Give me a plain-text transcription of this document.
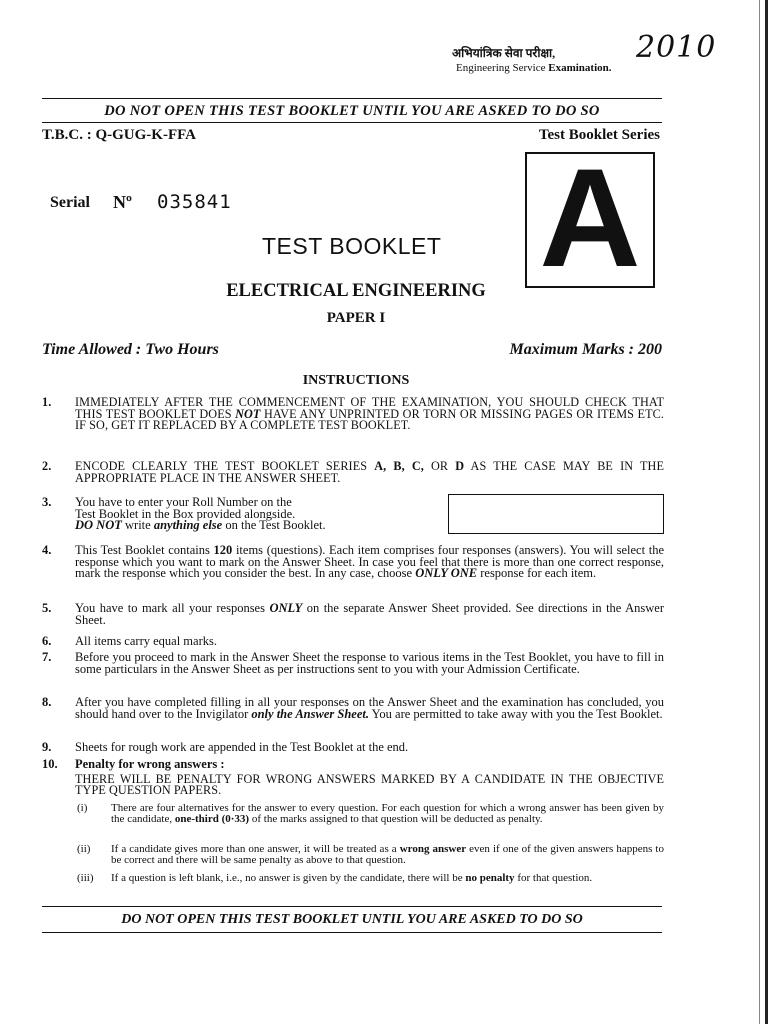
अभियांत्रिक सेवा परीक्षा,	2010
Engineering Service Examination.
DO NOT OPEN THIS TEST BOOKLET UNTIL YOU ARE ASKED TO DO SO
T.B.C. : Q-GUG-K-FFA	Test Booklet Series
A
Serial Nº 035841
TEST BOOKLET
ELECTRICAL ENGINEERING
PAPER I
Time Allowed : Two Hours	Maximum Marks : 200
INSTRUCTIONS
1. IMMEDIATELY AFTER THE COMMENCEMENT OF THE EXAMINATION, YOU SHOULD CHECK THAT THIS TEST BOOKLET DOES NOT HAVE ANY UNPRINTED OR TORN OR MISSING PAGES OR ITEMS ETC. IF SO, GET IT REPLACED BY A COMPLETE TEST BOOKLET.
2. ENCODE CLEARLY THE TEST BOOKLET SERIES A, B, C, OR D AS THE CASE MAY BE IN THE APPROPRIATE PLACE IN THE ANSWER SHEET.
3. You have to enter your Roll Number on the
Test Booklet in the Box provided alongside.
DO NOT write anything else on the Test Booklet.
4. This Test Booklet contains 120 items (questions). Each item comprises four responses (answers). You will select the response which you want to mark on the Answer Sheet. In case you feel that there is more than one correct response, mark the response which you consider the best. In any case, choose ONLY ONE response for each item.
5. You have to mark all your responses ONLY on the separate Answer Sheet provided. See directions in the Answer Sheet.
6. All items carry equal marks.
7. Before you proceed to mark in the Answer Sheet the response to various items in the Test Booklet, you have to fill in some particulars in the Answer Sheet as per instructions sent to you with your Admission Certificate.
8. After you have completed filling in all your responses on the Answer Sheet and the examination has concluded, you should hand over to the Invigilator only the Answer Sheet. You are permitted to take away with you the Test Booklet.
9. Sheets for rough work are appended in the Test Booklet at the end.
10. Penalty for wrong answers :
THERE WILL BE PENALTY FOR WRONG ANSWERS MARKED BY A CANDIDATE IN THE OBJECTIVE TYPE QUESTION PAPERS.
(i) There are four alternatives for the answer to every question. For each question for which a wrong answer has been given by the candidate, one-third (0·33) of the marks assigned to that question will be deducted as penalty.
(ii) If a candidate gives more than one answer, it will be treated as a wrong answer even if one of the given answers happens to be correct and there will be same penalty as above to that question.
(iii) If a question is left blank, i.e., no answer is given by the candidate, there will be no penalty for that question.
DO NOT OPEN THIS TEST BOOKLET UNTIL YOU ARE ASKED TO DO SO
